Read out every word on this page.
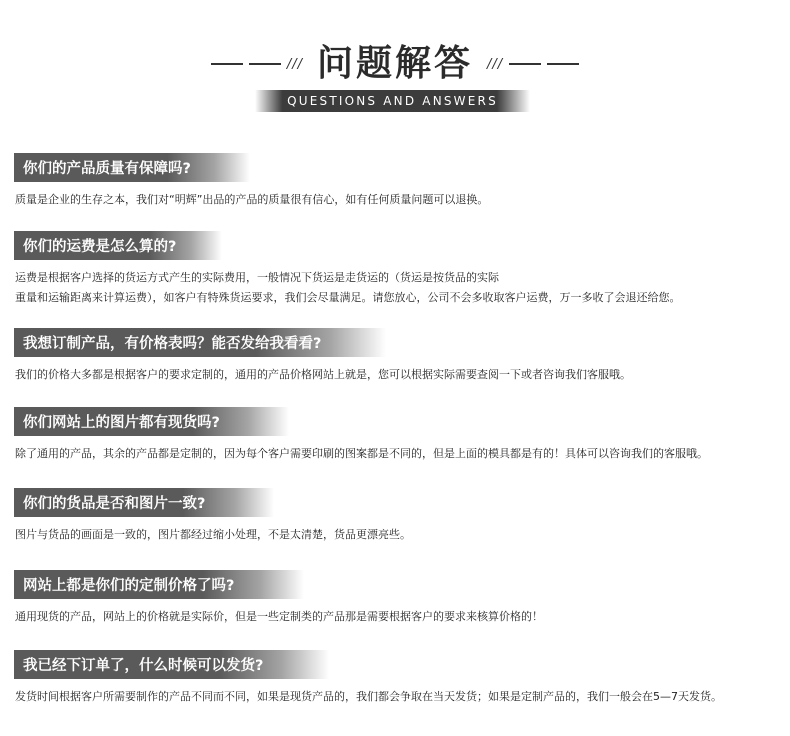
/// 问题解答 ///
QUESTIONS AND ANSWERS
你们的产品质量有保障吗?
质量是企业的生存之本，我们对“明辉”出品的产品的质量很有信心，如有任何质量问题可以退换。
你们的运费是怎么算的?
运费是根据客户选择的货运方式产生的实际费用，一般情况下货运是走货运的（货运是按货品的实际
重量和运输距离来计算运费），如客户有特殊货运要求，我们会尽量满足。请您放心，公司不会多收取客户运费，万一多收了会退还给您。
我想订制产品，有价格表吗？能否发给我看看?
我们的价格大多都是根据客户的要求定制的，通用的产品价格网站上就是，您可以根据实际需要查阅一下或者咨询我们客服哦。
你们网站上的图片都有现货吗?
除了通用的产品，其余的产品都是定制的，因为每个客户需要印刷的图案都是不同的，但是上面的模具都是有的！具体可以咨询我们的客服哦。
你们的货品是否和图片一致?
图片与货品的画面是一致的，图片都经过缩小处理，不是太清楚，货品更漂亮些。
网站上都是你们的定制价格了吗?
通用现货的产品，网站上的价格就是实际价，但是一些定制类的产品那是需要根据客户的要求来核算价格的！
我已经下订单了，什么时候可以发货?
发货时间根据客户所需要制作的产品不同而不同，如果是现货产品的，我们都会争取在当天发货；如果是定制产品的，我们一般会在5—7天发货。
